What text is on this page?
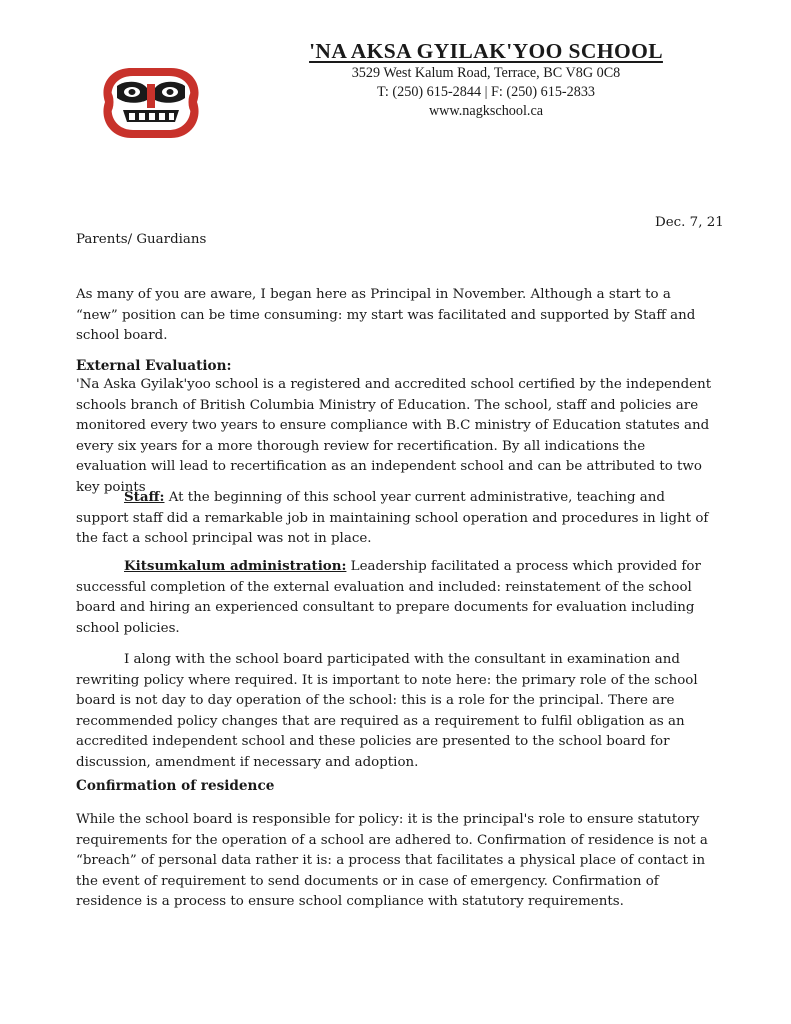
'NA AKSA GYILAK'YOO SCHOOL
3529 West Kalum Road, Terrace, BC V8G 0C8
T: (250) 615-2844 | F: (250) 615-2833
www.nagkschool.ca
Dec. 7, 21
Parents/ Guardians

As many of you are aware, I began here as Principal in November. Although a start to a “new” position can be time consuming: my start was facilitated and supported by Staff and school board.

External Evaluation:

'Na Aska Gyilak'yoo school is a registered and accredited school certified by the independent schools branch of British Columbia Ministry of Education. The school, staff and policies are monitored every two years to ensure compliance with B.C ministry of Education statutes and every six years for a more thorough review for recertification. By all indications the evaluation will lead to recertification as an independent school and can be attributed to two key points

Staff: At the beginning of this school year current administrative, teaching and support staff did a remarkable job in maintaining school operation and procedures in light of the fact a school principal was not in place.

Kitsumkalum administration: Leadership facilitated a process which provided for successful completion of the external evaluation and included: reinstatement of the school board and hiring an experienced consultant to prepare documents for evaluation including school policies.

I along with the school board participated with the consultant in examination and rewriting policy where required. It is important to note here: the primary role of the school board is not day to day operation of the school: this is a role for the principal. There are recommended policy changes that are required as a requirement to fulfil obligation as an accredited independent school and these policies are presented to the school board for discussion, amendment if necessary and adoption.

Confirmation of residence

While the school board is responsible for policy: it is the principal's role to ensure statutory requirements for the operation of a school are adhered to. Confirmation of residence is not a “breach” of personal data rather it is: a process that facilitates a physical place of contact in the event of requirement to send documents or in case of emergency. Confirmation of residence is a process to ensure school compliance with statutory requirements.
